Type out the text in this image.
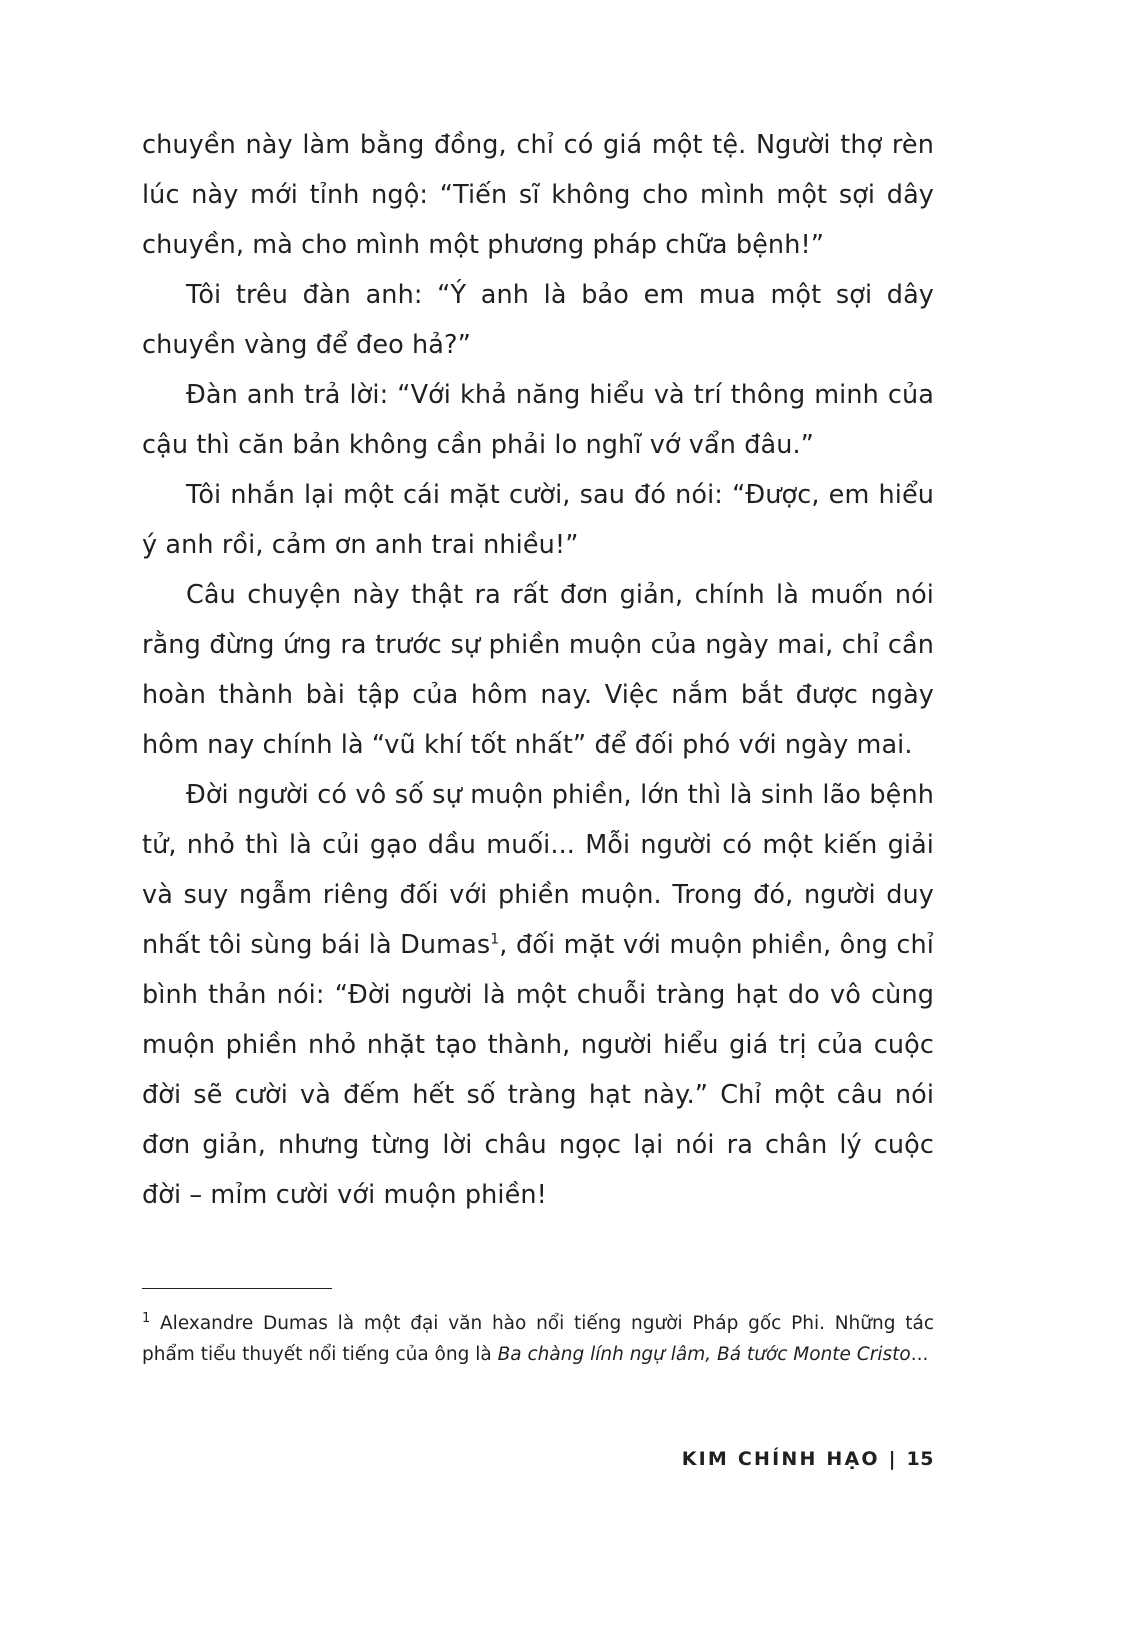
chuyền này làm bằng đồng, chỉ có giá một tệ. Người thợ rèn lúc này mới tỉnh ngộ: “Tiến sĩ không cho mình một sợi dây chuyền, mà cho mình một phương pháp chữa bệnh!”

Tôi trêu đàn anh: “Ý anh là bảo em mua một sợi dây chuyền vàng để đeo hả?”

Đàn anh trả lời: “Với khả năng hiểu và trí thông minh của cậu thì căn bản không cần phải lo nghĩ vớ vẩn đâu.”

Tôi nhắn lại một cái mặt cười, sau đó nói: “Được, em hiểu ý anh rồi, cảm ơn anh trai nhiều!”

Câu chuyện này thật ra rất đơn giản, chính là muốn nói rằng đừng ứng ra trước sự phiền muộn của ngày mai, chỉ cần hoàn thành bài tập của hôm nay. Việc nắm bắt được ngày hôm nay chính là “vũ khí tốt nhất” để đối phó với ngày mai.

Đời người có vô số sự muộn phiền, lớn thì là sinh lão bệnh tử, nhỏ thì là củi gạo dầu muối... Mỗi người có một kiến giải và suy ngẫm riêng đối với phiền muộn. Trong đó, người duy nhất tôi sùng bái là Dumas$^1$, đối mặt với muộn phiền, ông chỉ bình thản nói: “Đời người là một chuỗi tràng hạt do vô cùng muộn phiền nhỏ nhặt tạo thành, người hiểu giá trị của cuộc đời sẽ cười và đếm hết số tràng hạt này.” Chỉ một câu nói đơn giản, nhưng từng lời châu ngọc lại nói ra chân lý cuộc đời – mỉm cười với muộn phiền!

$^1$ Alexandre Dumas là một đại văn hào nổi tiếng người Pháp gốc Phi. Những tác phẩm tiểu thuyết nổi tiếng của ông là Ba chàng lính ngự lâm, Bá tước Monte Cristo...

KIM CHÍNH HẠO | 15
